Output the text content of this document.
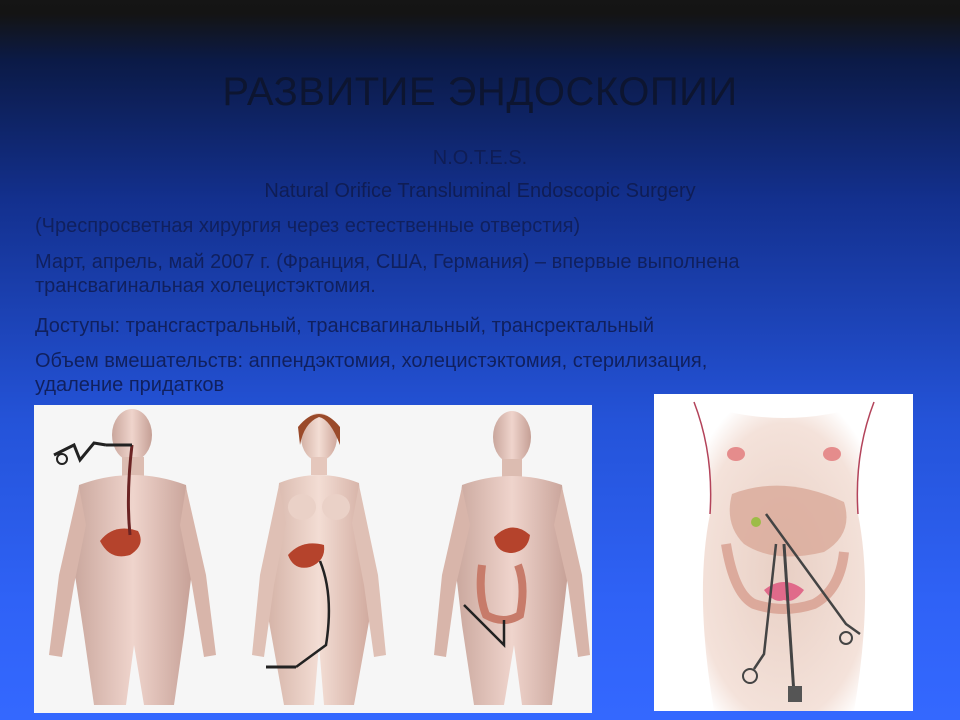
РАЗВИТИЕ ЭНДОСКОПИИ
N.O.T.E.S.
Natural Orifice Transluminal Endoscopic Surgery
(Чреспросветная хирургия через естественные отверстия)
Март, апрель, май 2007 г. (Франция, США, Германия) – впервые выполнена
трансвагинальная холецистэктомия.
Доступы: трансгастральный, трансвагинальный, трансректальный
Объем вмешательств: аппендэктомия, холецистэктомия, стерилизация,
удаление придатков
